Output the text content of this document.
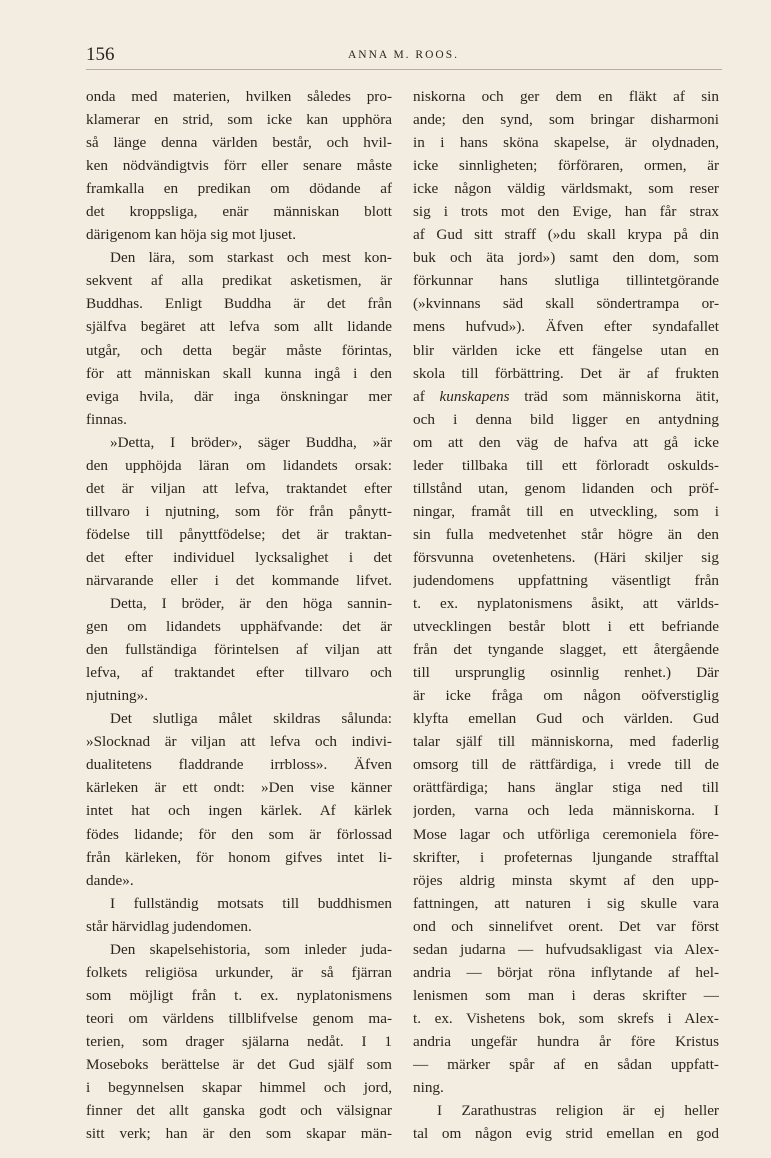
156	ANNA M. ROOS.
onda med materien, hvilken således pro-
klamerar en strid, som icke kan upphöra
så länge denna världen består, och hvil-
ken nödvändigtvis förr eller senare måste
framkalla en predikan om dödande af
det kroppsliga, enär människan blott
därigenom kan höja sig mot ljuset.
Den lära, som starkast och mest kon-
sekvent af alla predikat asketismen, är
Buddhas. Enligt Buddha är det från
själfva begäret att lefva som allt lidande
utgår, och detta begär måste förintas,
för att människan skall kunna ingå i den
eviga hvila, där inga önskningar mer
finnas.
»Detta, I bröder», säger Buddha, »är
den upphöjda läran om lidandets orsak:
det är viljan att lefva, traktandet efter
tillvaro i njutning, som för från pånytt-
födelse till pånyttfödelse; det är traktan-
det efter individuel lycksalighet i det
närvarande eller i det kommande lifvet.
Detta, I bröder, är den höga sannin-
gen om lidandets upphäfvande: det är
den fullständiga förintelsen af viljan att
lefva, af traktandet efter tillvaro och
njutning».
Det slutliga målet skildras sålunda:
»Slocknad är viljan att lefva och indivi-
dualitetens fladdrande irrbloss». Äfven
kärleken är ett ondt: »Den vise känner
intet hat och ingen kärlek. Af kärlek
födes lidande; för den som är förlossad
från kärleken, för honom gifves intet li-
dande».
I fullständig motsats till buddhismen
står härvidlag judendomen.
Den skapelsehistoria, som inleder juda-
folkets religiösa urkunder, är så fjärran
som möjligt från t. ex. nyplatonismens
teori om världens tillblifvelse genom ma-
terien, som drager själarna nedåt. I 1
Moseboks berättelse är det Gud själf som
i begynnelsen skapar himmel och jord,
finner det allt ganska godt och välsignar
sitt verk; han är den som skapar män-
niskorna och ger dem en fläkt af sin
ande; den synd, som bringar disharmoni
in i hans sköna skapelse, är olydnaden,
icke sinnligheten; förföraren, ormen, är
icke någon väldig världsmakt, som reser
sig i trots mot den Evige, han får strax
af Gud sitt straff (»du skall krypa på din
buk och äta jord») samt den dom, som
förkunnar hans slutliga tillintetgörande
(»kvinnans säd skall söndertrampa or-
mens hufvud»). Äfven efter syndafallet
blir världen icke ett fängelse utan en
skola till förbättring. Det är af frukten
af kunskapens träd som människorna ätit,
och i denna bild ligger en antydning
om att den väg de hafva att gå icke
leder tillbaka till ett förloradt oskulds-
tillstånd utan, genom lidanden och pröf-
ningar, framåt till en utveckling, som i
sin fulla medvetenhet står högre än den
försvunna ovetenhetens. (Häri skiljer sig
judendomens uppfattning väsentligt från
t. ex. nyplatonismens åsikt, att världs-
utvecklingen består blott i ett befriande
från det tyngande slagget, ett återgående
till ursprunglig osinnlig renhet.) Där
är icke fråga om någon oöfverstiglig
klyfta emellan Gud och världen. Gud
talar själf till människorna, med faderlig
omsorg till de rättfärdiga, i vrede till de
orättfärdiga; hans änglar stiga ned till
jorden, varna och leda människorna. I
Mose lagar och utförliga ceremoniela före-
skrifter, i profeternas ljungande strafftal
röjes aldrig minsta skymt af den upp-
fattningen, att naturen i sig skulle vara
ond och sinnelifvet orent. Det var först
sedan judarna — hufvudsakligast via Alex-
andria — börjat röna inflytande af hel-
lenismen som man i deras skrifter —
t. ex. Vishetens bok, som skrefs i Alex-
andria ungefär hundra år före Kristus
— märker spår af en sådan uppfatt-
ning.
I Zarathustras religion är ej heller
tal om någon evig strid emellan en god
